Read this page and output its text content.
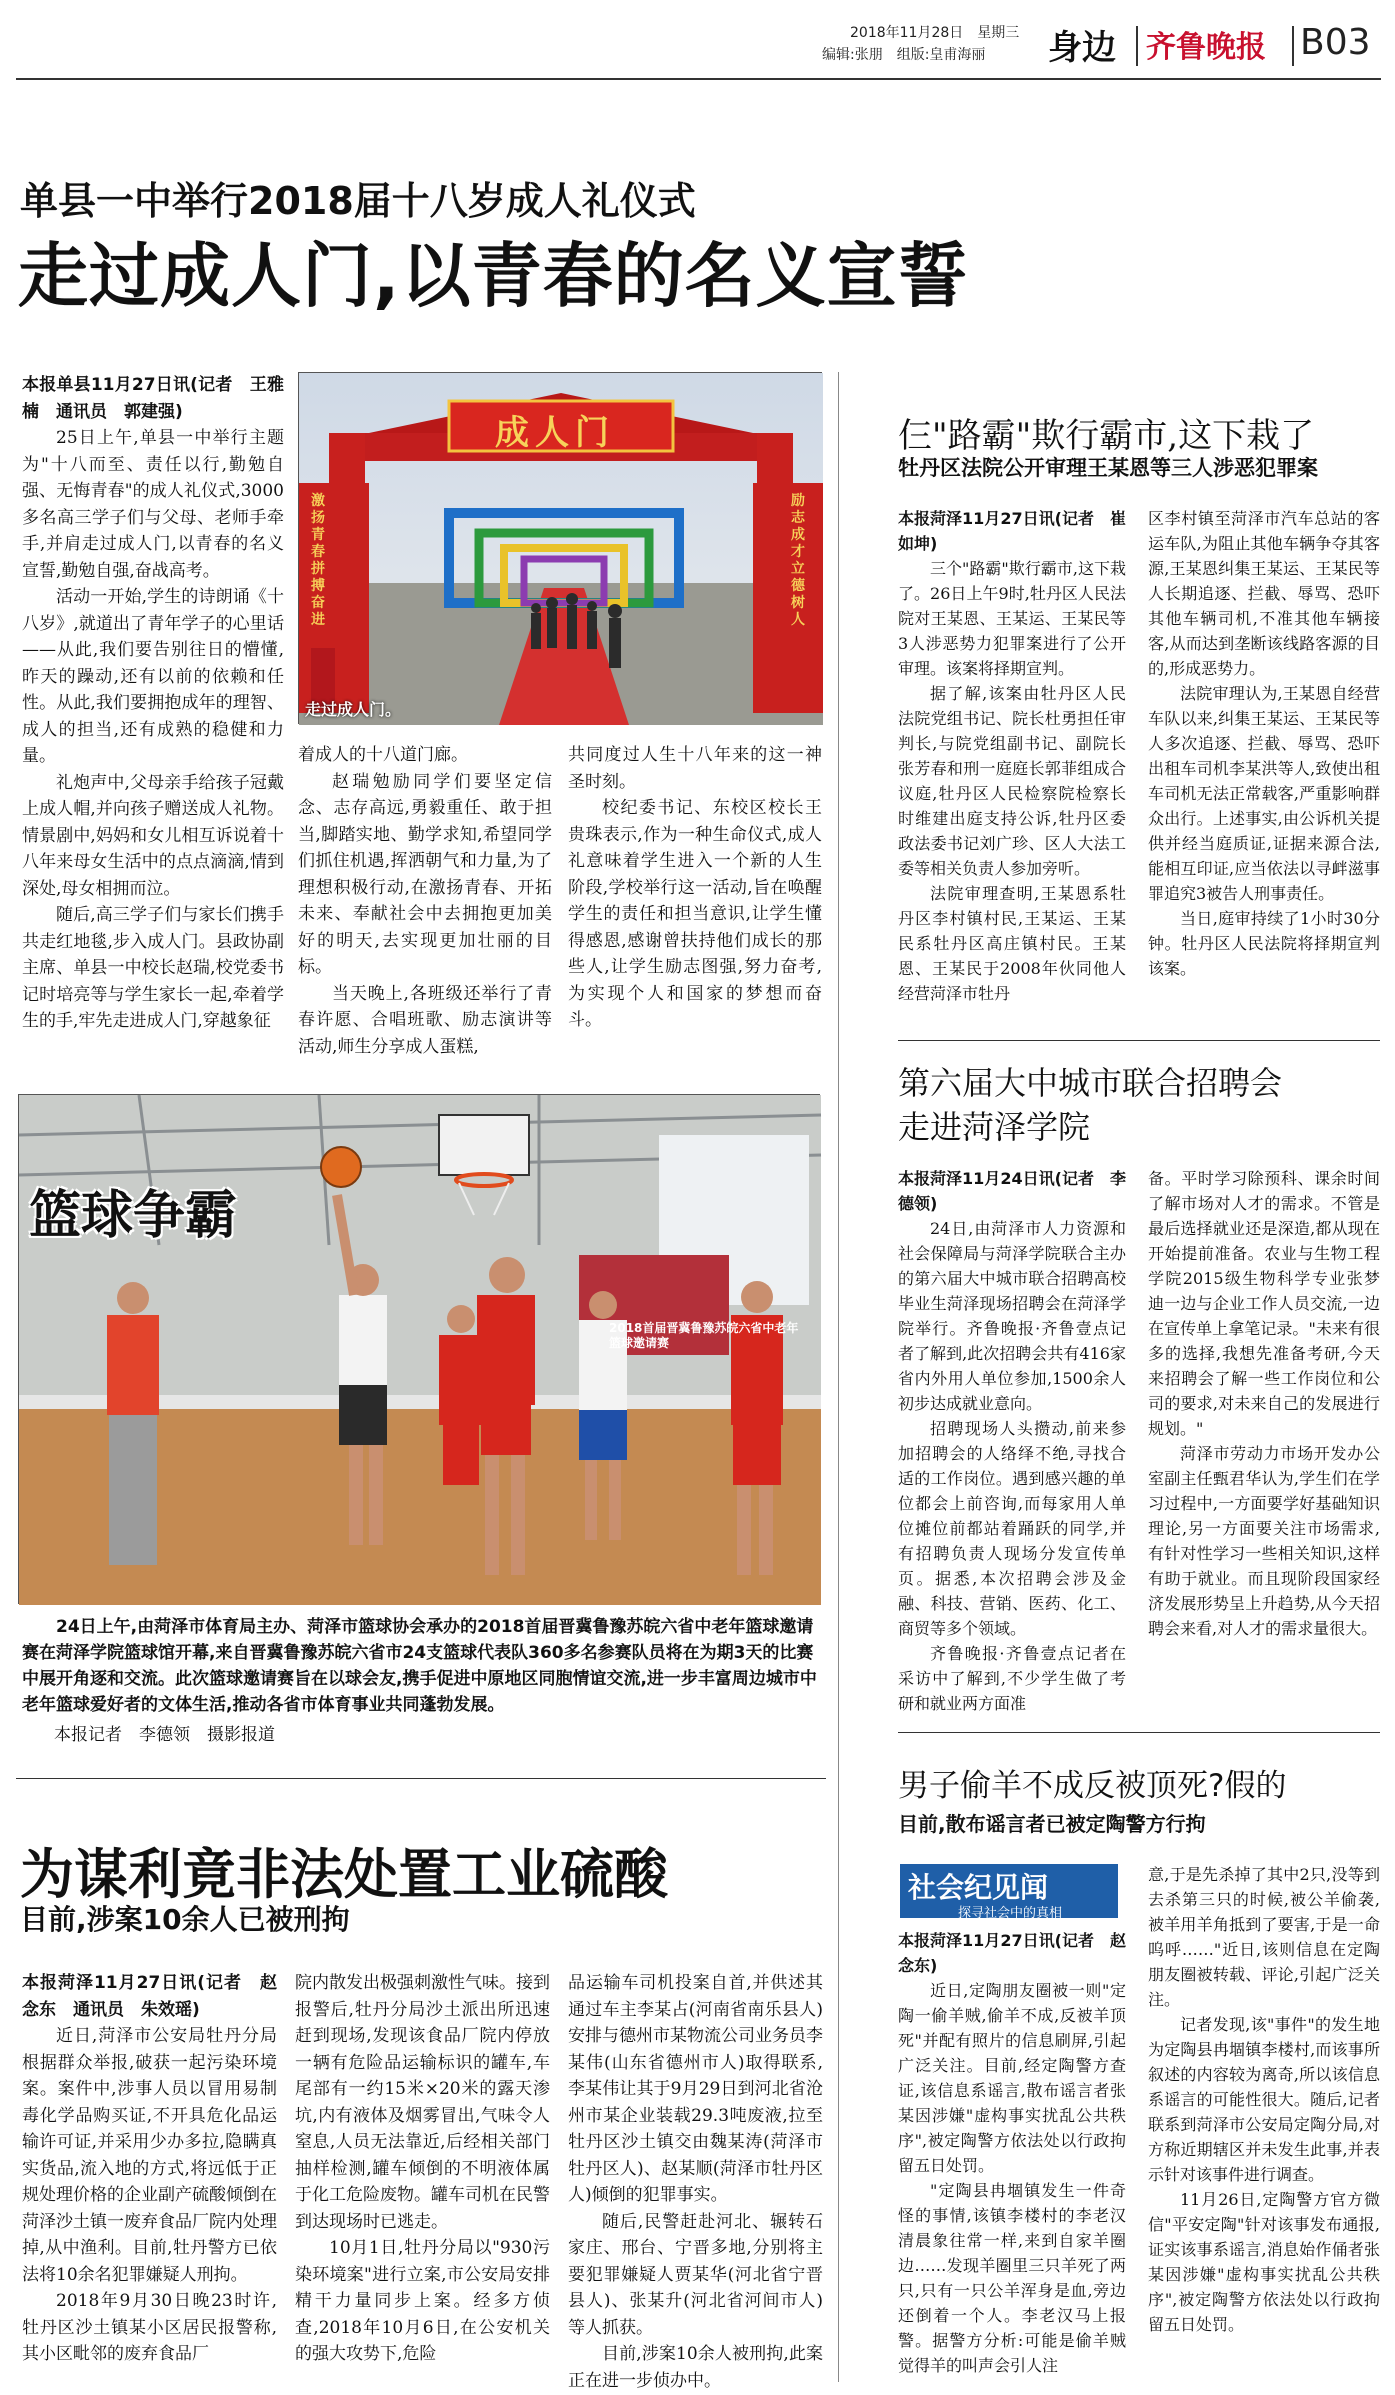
2018年11月28日　星期三
编辑:张朋　组版:皇甫海丽 身边 齐鲁晚报 B03
单县一中举行2018届十八岁成人礼仪式
走过成人门,以青春的名义宣誓

本报单县11月27日讯(记者　王雅楠　通讯员　郭建强)

25日上午,单县一中举行主题为"十八而至、责任以行,勤勉自强、无悔青春"的成人礼仪式,3000多名高三学子们与父母、老师手牵手,并肩走过成人门,以青春的名义宣誓,勤勉自强,奋战高考。

活动一开始,学生的诗朗诵《十八岁》,就道出了青年学子的心里话——从此,我们要告别往日的懵懂,昨天的躁动,还有以前的依赖和任性。从此,我们要拥抱成年的理智、成人的担当,还有成熟的稳健和力量。

礼炮声中,父母亲手给孩子冠戴上成人帽,并向孩子赠送成人礼物。情景剧中,妈妈和女儿相互诉说着十八年来母女生活中的点点滴滴,情到深处,母女相拥而泣。

随后,高三学子们与家长们携手共走红地毯,步入成人门。县政协副主席、单县一中校长赵瑞,校党委书记时培亮等与学生家长一起,牵着学生的手,牢先走进成人门,穿越象征

成人门
激扬青春拼搏奋进
励志成才立德树人
走过成人门。

着成人的十八道门廊。

赵瑞勉励同学们要坚定信念、志存高远,勇毅重任、敢于担当,脚踏实地、勤学求知,希望同学们抓住机遇,挥洒朝气和力量,为了理想积极行动,在激扬青春、开拓未来、奉献社会中去拥抱更加美好的明天,去实现更加壮丽的目标。

当天晚上,各班级还举行了青春许愿、合唱班歌、励志演讲等活动,师生分享成人蛋糕,

共同度过人生十八年来的这一神圣时刻。

校纪委书记、东校区校长王贵珠表示,作为一种生命仪式,成人礼意味着学生进入一个新的人生阶段,学校举行这一活动,旨在唤醒学生的责任和担当意识,让学生懂得感恩,感谢曾扶持他们成长的那些人,让学生励志图强,努力奋考,为实现个人和国家的梦想而奋斗。

篮球争霸
2018首届晋冀鲁豫苏皖六省中老年篮球邀请赛
24日上午,由菏泽市体育局主办、菏泽市篮球协会承办的2018首届晋冀鲁豫苏皖六省中老年篮球邀请赛在菏泽学院篮球馆开幕,来自晋冀鲁豫苏皖六省市24支篮球代表队360多名参赛队员将在为期3天的比赛中展开角逐和交流。此次篮球邀请赛旨在以球会友,携手促进中原地区同胞情谊交流,进一步丰富周边城市中老年篮球爱好者的文体生活,推动各省市体育事业共同蓬勃发展。
本报记者　李德领　摄影报道
为谋利竟非法处置工业硫酸
目前,涉案10余人已被刑拘

本报菏泽11月27日讯(记者　赵念东　通讯员　朱效瑶)

近日,菏泽市公安局牡丹分局根据群众举报,破获一起污染环境案。案件中,涉事人员以冒用易制毒化学品购买证,不开具危化品运输许可证,并采用少办多拉,隐瞒真实货品,流入地的方式,将远低于正规处理价格的企业副产硫酸倾倒在菏泽沙土镇一废弃食品厂院内处理掉,从中渔利。目前,牡丹警方已依法将10余名犯罪嫌疑人刑拘。

2018年9月30日晚23时许,牡丹区沙土镇某小区居民报警称,其小区毗邻的废弃食品厂

院内散发出极强刺激性气味。接到报警后,牡丹分局沙土派出所迅速赶到现场,发现该食品厂院内停放一辆有危险品运输标识的罐车,车尾部有一约15米×20米的露天渗坑,内有液体及烟雾冒出,气味令人窒息,人员无法靠近,后经相关部门抽样检测,罐车倾倒的不明液体属于化工危险废物。罐车司机在民警到达现场时已逃走。

10月1日,牡丹分局以"930污染环境案"进行立案,市公安局安排精干力量同步上案。经多方侦查,2018年10月6日,在公安机关的强大攻势下,危险

品运输车司机投案自首,并供述其通过车主李某占(河南省南乐县人)安排与德州市某物流公司业务员李某伟(山东省德州市人)取得联系,李某伟让其于9月29日到河北省沧州市某企业装载29.3吨废液,拉至牡丹区沙土镇交由魏某涛(菏泽市牡丹区人)、赵某顺(菏泽市牡丹区人)倾倒的犯罪事实。

随后,民警赶赴河北、辗转石家庄、邢台、宁晋多地,分别将主要犯罪嫌疑人贾某华(河北省宁晋县人)、张某升(河北省河间市人)等人抓获。

目前,涉案10余人被刑拘,此案正在进一步侦办中。

仨"路霸"欺行霸市,这下栽了
牡丹区法院公开审理王某恩等三人涉恶犯罪案

本报菏泽11月27日讯(记者　崔如坤)

三个"路霸"欺行霸市,这下栽了。26日上午9时,牡丹区人民法院对王某恩、王某运、王某民等3人涉恶势力犯罪案进行了公开审理。该案将择期宣判。

据了解,该案由牡丹区人民法院党组书记、院长杜勇担任审判长,与院党组副书记、副院长张芳春和刑一庭庭长郭菲组成合议庭,牡丹区人民检察院检察长时维建出庭支持公诉,牡丹区委政法委书记刘广珍、区人大法工委等相关负责人参加旁听。

法院审理查明,王某恩系牡丹区李村镇村民,王某运、王某民系牡丹区高庄镇村民。王某恩、王某民于2008年伙同他人经营菏泽市牡丹

区李村镇至菏泽市汽车总站的客运车队,为阻止其他车辆争夺其客源,王某恩纠集王某运、王某民等人长期追逐、拦截、辱骂、恐吓其他车辆司机,不准其他车辆接客,从而达到垄断该线路客源的目的,形成恶势力。

法院审理认为,王某恩自经营车队以来,纠集王某运、王某民等人多次追逐、拦截、辱骂、恐吓出租车司机李某洪等人,致使出租车司机无法正常载客,严重影响群众出行。上述事实,由公诉机关提供并经当庭质证,证据来源合法,能相互印证,应当依法以寻衅滋事罪追究3被告人刑事责任。

当日,庭审持续了1小时30分钟。牡丹区人民法院将择期宣判该案。

第六届大中城市联合招聘会
走进菏泽学院

本报菏泽11月24日讯(记者　李德领)

24日,由菏泽市人力资源和社会保障局与菏泽学院联合主办的第六届大中城市联合招聘高校毕业生菏泽现场招聘会在菏泽学院举行。齐鲁晚报·齐鲁壹点记者了解到,此次招聘会共有416家省内外用人单位参加,1500余人初步达成就业意向。

招聘现场人头攒动,前来参加招聘会的人络绎不绝,寻找合适的工作岗位。遇到感兴趣的单位都会上前咨询,而每家用人单位摊位前都站着踊跃的同学,并有招聘负责人现场分发宣传单页。据悉,本次招聘会涉及金融、科技、营销、医药、化工、商贸等多个领域。

齐鲁晚报·齐鲁壹点记者在采访中了解到,不少学生做了考研和就业两方面准

备。平时学习除预科、课余时间了解市场对人才的需求。不管是最后选择就业还是深造,都从现在开始提前准备。农业与生物工程学院2015级生物科学专业张梦迪一边与企业工作人员交流,一边在宣传单上拿笔记录。"未来有很多的选择,我想先准备考研,今天来招聘会了解一些工作岗位和公司的要求,对未来自己的发展进行规划。"

菏泽市劳动力市场开发办公室副主任甄君华认为,学生们在学习过程中,一方面要学好基础知识理论,另一方面要关注市场需求,有针对性学习一些相关知识,这样有助于就业。而且现阶段国家经济发展形势呈上升趋势,从今天招聘会来看,对人才的需求量很大。

男子偷羊不成反被顶死?假的
目前,散布谣言者已被定陶警方行拘
社会纪见闻
探寻社会中的真相

本报菏泽11月27日讯(记者　赵念东)

近日,定陶朋友圈被一则"定陶一偷羊贼,偷羊不成,反被羊顶死"并配有照片的信息刷屏,引起广泛关注。目前,经定陶警方查证,该信息系谣言,散布谣言者张某因涉嫌"虚构事实扰乱公共秩序",被定陶警方依法处以行政拘留五日处罚。

"定陶县冉堌镇发生一件奇怪的事情,该镇李楼村的李老汉清晨象往常一样,来到自家羊圈边……发现羊圈里三只羊死了两只,只有一只公羊浑身是血,旁边还倒着一个人。李老汉马上报警。据警方分析:可能是偷羊贼觉得羊的叫声会引人注

意,于是先杀掉了其中2只,没等到去杀第三只的时候,被公羊偷袭,被羊用羊角抵到了要害,于是一命呜呼……"近日,该则信息在定陶朋友圈被转载、评论,引起广泛关注。

记者发现,该"事件"的发生地为定陶县冉堌镇李楼村,而该事所叙述的内容较为离奇,所以该信息系谣言的可能性很大。随后,记者联系到菏泽市公安局定陶分局,对方称近期辖区并未发生此事,并表示针对该事件进行调查。

11月26日,定陶警方官方微信"平安定陶"针对该事发布通报,证实该事系谣言,消息始作俑者张某因涉嫌"虚构事实扰乱公共秩序",被定陶警方依法处以行政拘留五日处罚。
